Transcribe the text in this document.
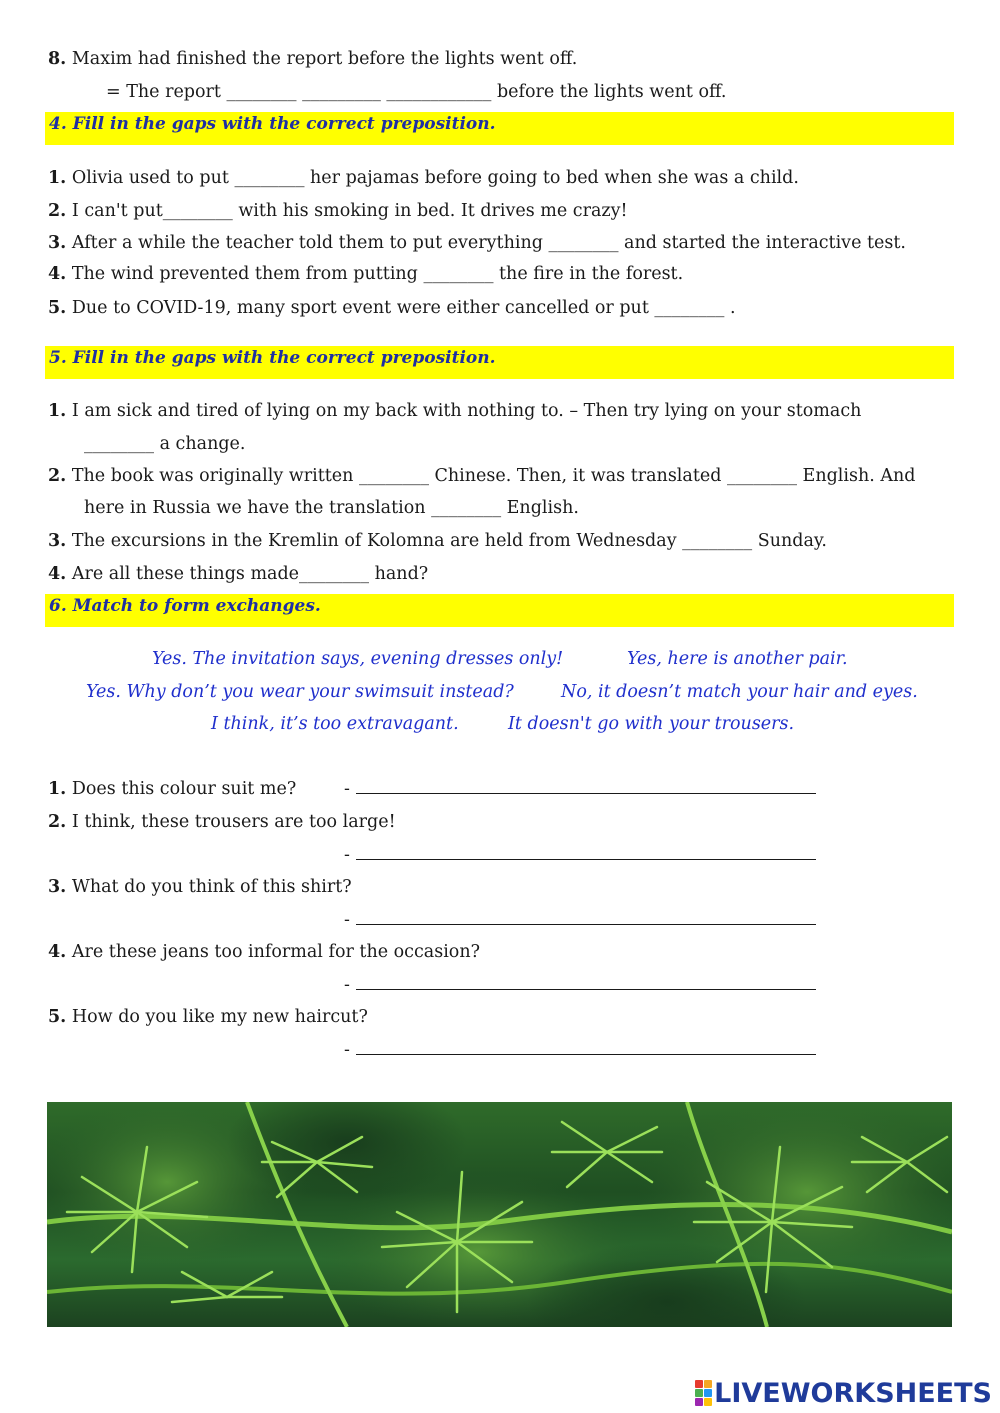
8. Maxim had finished the report before the lights went off.
= The report ________ _________ ____________ before the lights went off.
4. Fill in the gaps with the correct preposition.
1. Olivia used to put ________ her pajamas before going to bed when she was a child.
2. I can't put________ with his smoking in bed. It drives me crazy!
3. After a while the teacher told them to put everything ________ and started the interactive test.
4. The wind prevented them from putting ________ the fire in the forest.
5. Due to COVID-19, many sport event were either cancelled or put ________ .
5. Fill in the gaps with the correct preposition.
1. I am sick and tired of lying on my back with nothing to. – Then try lying on your stomach
________ a change.
2. The book was originally written ________ Chinese. Then, it was translated ________ English. And
here in Russia we have the translation ________ English.
3. The excursions in the Kremlin of Kolomna are held from Wednesday ________ Sunday.
4. Are all these things made________ hand?
6. Match to form exchanges.
Yes. The invitation says, evening dresses only!	Yes, here is another pair.
Yes. Why don’t you wear your swimsuit instead?	No, it doesn’t match your hair and eyes.
I think, it’s too extravagant.	It doesn't go with your trousers.
1. Does this colour suit me?	-
2. I think, these trousers are too large!
-
3. What do you think of this shirt?
-
4. Are these jeans too informal for the occasion?
-
5. How do you like my new haircut?
-
LIVEWORKSHEETS
